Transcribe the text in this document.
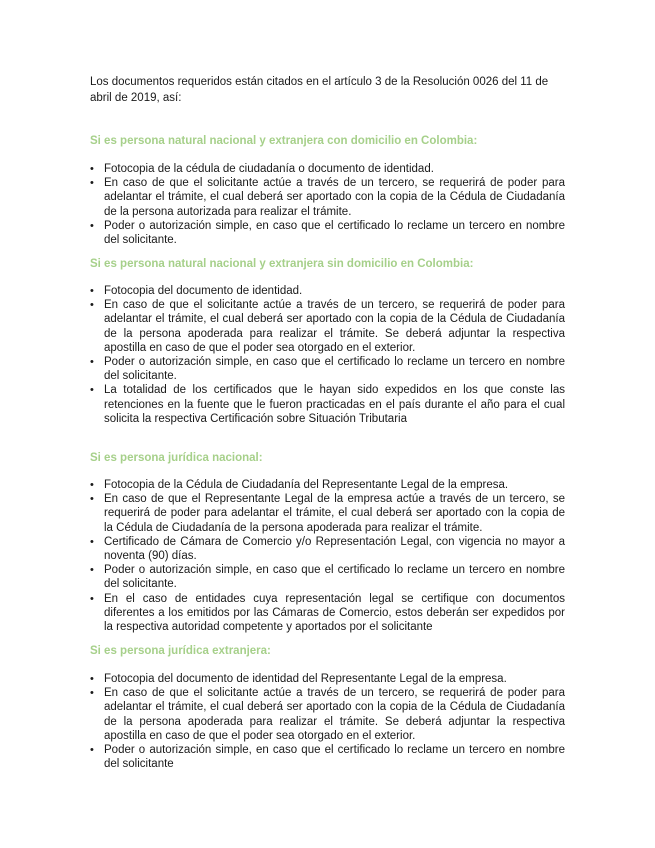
Los documentos requeridos están citados en el artículo 3 de la Resolución 0026 del 11 de abril de 2019, así:

Si es persona natural nacional y extranjera con domicilio en Colombia:

• Fotocopia de la cédula de ciudadanía o documento de identidad.
• En caso de que el solicitante actúe a través de un tercero, se requerirá de poder para adelantar el trámite, el cual deberá ser aportado con la copia de la Cédula de Ciudadanía de la persona autorizada para realizar el trámite.
• Poder o autorización simple, en caso que el certificado lo reclame un tercero en nombre del solicitante.

Si es persona natural nacional y extranjera sin domicilio en Colombia:

• Fotocopia del documento de identidad.
• En caso de que el solicitante actúe a través de un tercero, se requerirá de poder para adelantar el trámite, el cual deberá ser aportado con la copia de la Cédula de Ciudadanía de la persona apoderada para realizar el trámite. Se deberá adjuntar la respectiva apostilla en caso de que el poder sea otorgado en el exterior.
• Poder o autorización simple, en caso que el certificado lo reclame un tercero en nombre del solicitante.
• La totalidad de los certificados que le hayan sido expedidos en los que conste las retenciones en la fuente que le fueron practicadas en el país durante el año para el cual solicita la respectiva Certificación sobre Situación Tributaria

Si es persona jurídica nacional:

• Fotocopia de la Cédula de Ciudadanía del Representante Legal de la empresa.
• En caso de que el Representante Legal de la empresa actúe a través de un tercero, se requerirá de poder para adelantar el trámite, el cual deberá ser aportado con la copia de la Cédula de Ciudadanía de la persona apoderada para realizar el trámite.
• Certificado de Cámara de Comercio y/o Representación Legal, con vigencia no mayor a noventa (90) días.
• Poder o autorización simple, en caso que el certificado lo reclame un tercero en nombre del solicitante.
• En el caso de entidades cuya representación legal se certifique con documentos diferentes a los emitidos por las Cámaras de Comercio, estos deberán ser expedidos por la respectiva autoridad competente y aportados por el solicitante

Si es persona jurídica extranjera:

• Fotocopia del documento de identidad del Representante Legal de la empresa.
• En caso de que el solicitante actúe a través de un tercero, se requerirá de poder para adelantar el trámite, el cual deberá ser aportado con la copia de la Cédula de Ciudadanía de la persona apoderada para realizar el trámite. Se deberá adjuntar la respectiva apostilla en caso de que el poder sea otorgado en el exterior.
• Poder o autorización simple, en caso que el certificado lo reclame un tercero en nombre del solicitante
